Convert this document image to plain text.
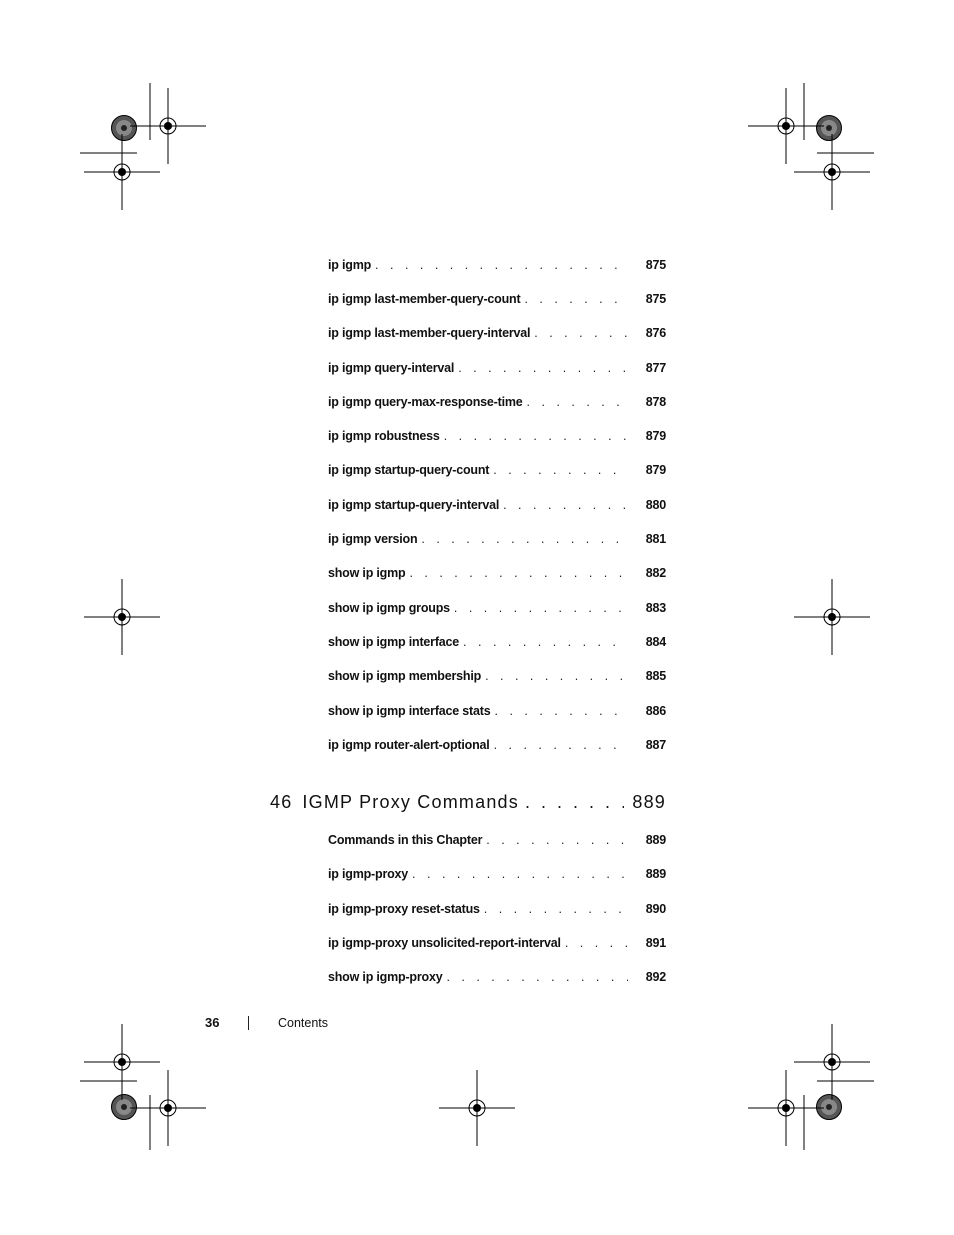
ip igmp . . .	875
ip igmp last-member-query-count . . .	875
ip igmp last-member-query-interval . . .	876
ip igmp query-interval . . .	877
ip igmp query-max-response-time . . .	878
ip igmp robustness . . .	879
ip igmp startup-query-count . . .	879
ip igmp startup-query-interval . . .	880
ip igmp version . . .	881
show ip igmp . . .	882
show ip igmp groups . . .	883
show ip igmp interface . . .	884
show ip igmp membership . . .	885
show ip igmp interface stats . . .	886
ip igmp router-alert-optional . . .	887
46 IGMP Proxy Commands . . .	889
Commands in this Chapter . . .	889
ip igmp-proxy . . .	889
ip igmp-proxy reset-status . . .	890
ip igmp-proxy unsolicited-report-interval . . .	891
show ip igmp-proxy . . .	892
36	Contents
